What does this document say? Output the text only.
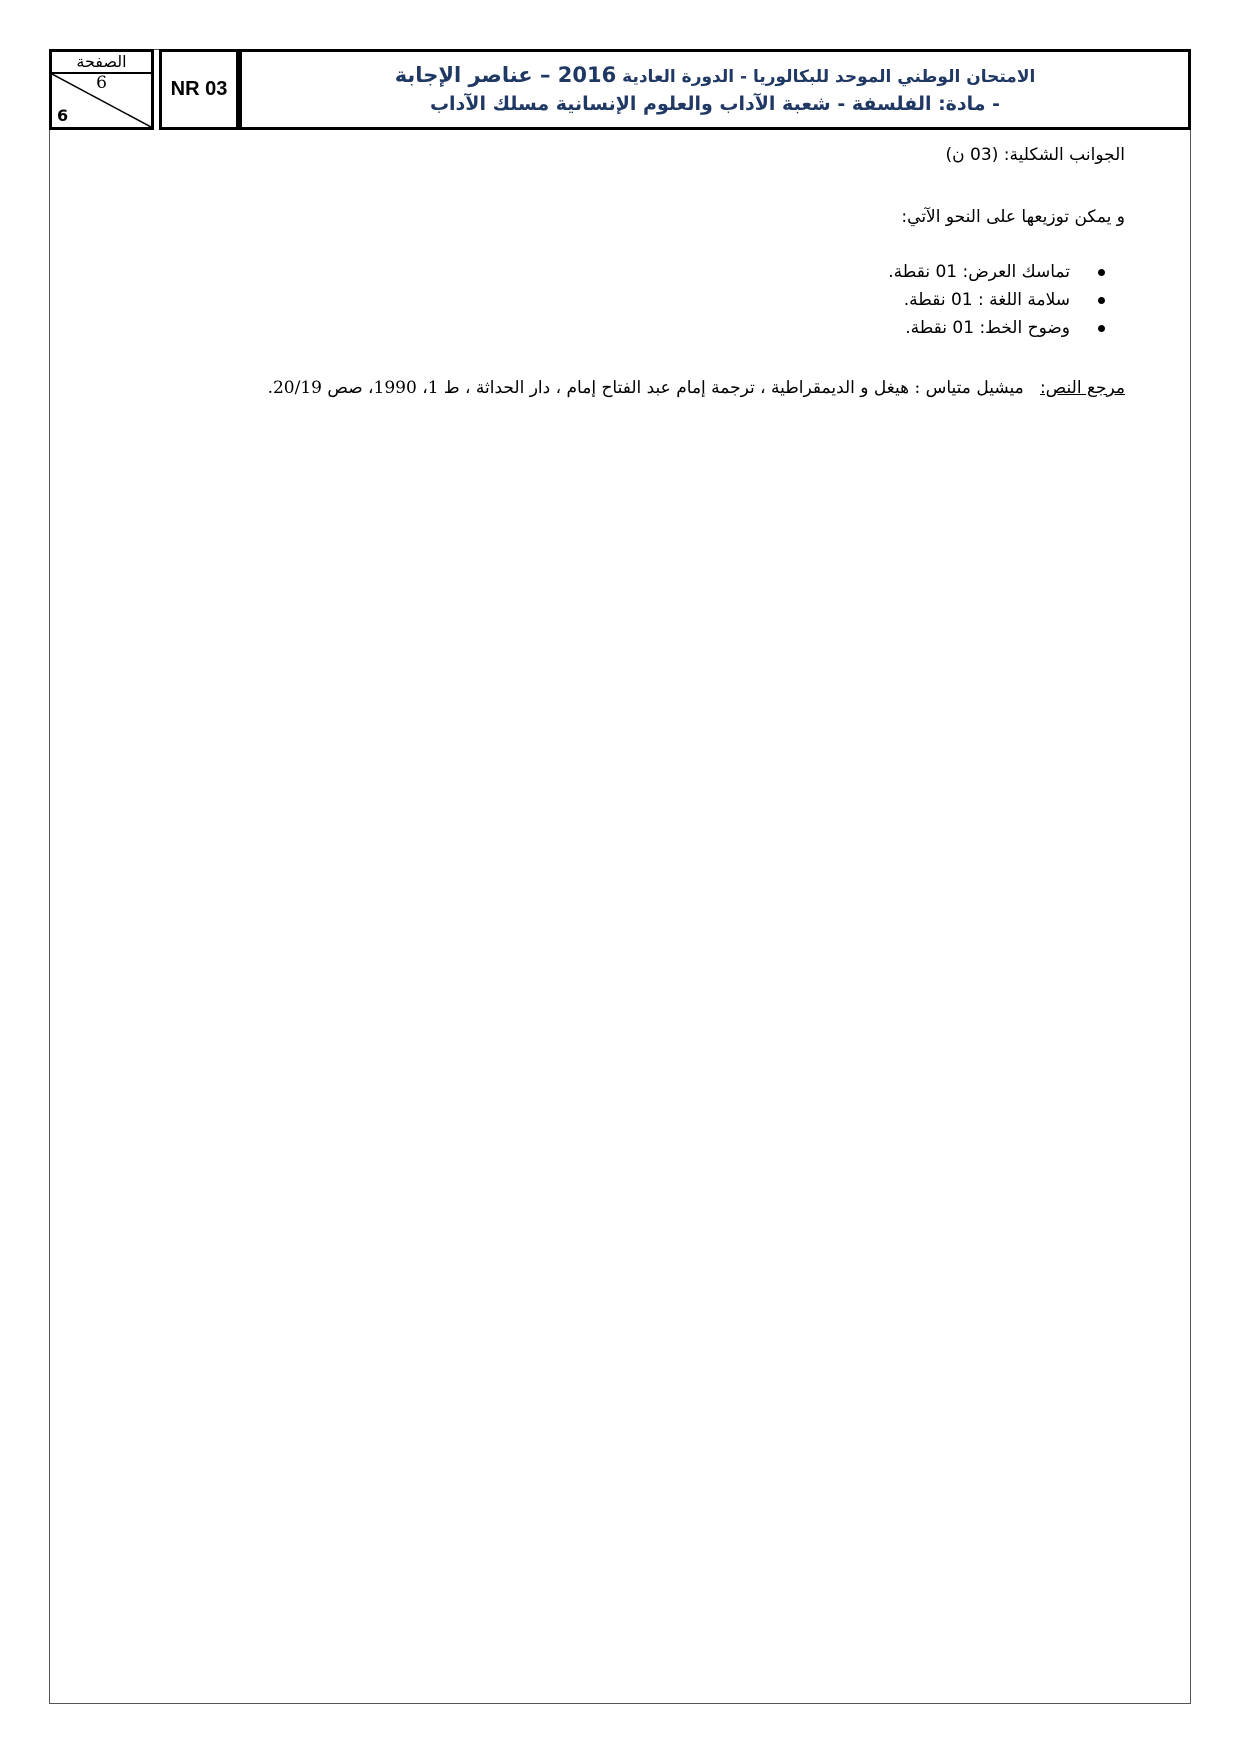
الصفحة
6
6
NR 03
الامتحان الوطني الموحد للبكالوريا - الدورة العادية 2016 – عناصر الإجابة
- مادة: الفلسفة - شعبة الآداب والعلوم الإنسانية مسلك الآداب
الجوانب الشكلية: (03 ن)
و يمكن توزيعها على النحو الآتي:
تماسك العرض: 01 نقطة.
سلامة اللغة : 01 نقطة.
وضوح الخط: 01 نقطة.
مرجع النص:   ميشيل متياس : هيغل و الديمقراطية ، ترجمة إمام عبد الفتاح إمام ، دار الحداثة ، ط 1، 1990، صص 20/19.
